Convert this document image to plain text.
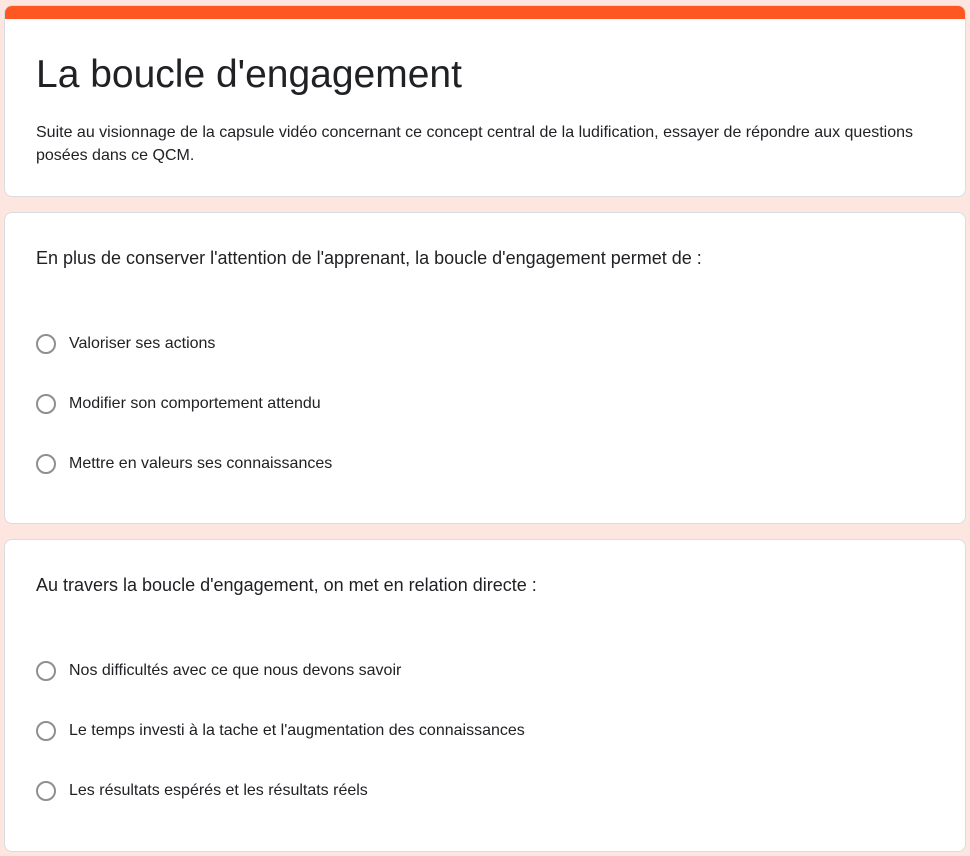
La boucle d'engagement

Suite au visionnage de la capsule vidéo concernant ce concept central de la ludification, essayer de répondre aux questions posées dans ce QCM.

En plus de conserver l'attention de l'apprenant, la boucle d'engagement permet de :

Valoriser ses actions
Modifier son comportement attendu
Mettre en valeurs ses connaissances

Au travers la boucle d'engagement, on met en relation directe :

Nos difficultés avec ce que nous devons savoir
Le temps investi à la tache et l'augmentation des connaissances
Les résultats espérés et les résultats réels
